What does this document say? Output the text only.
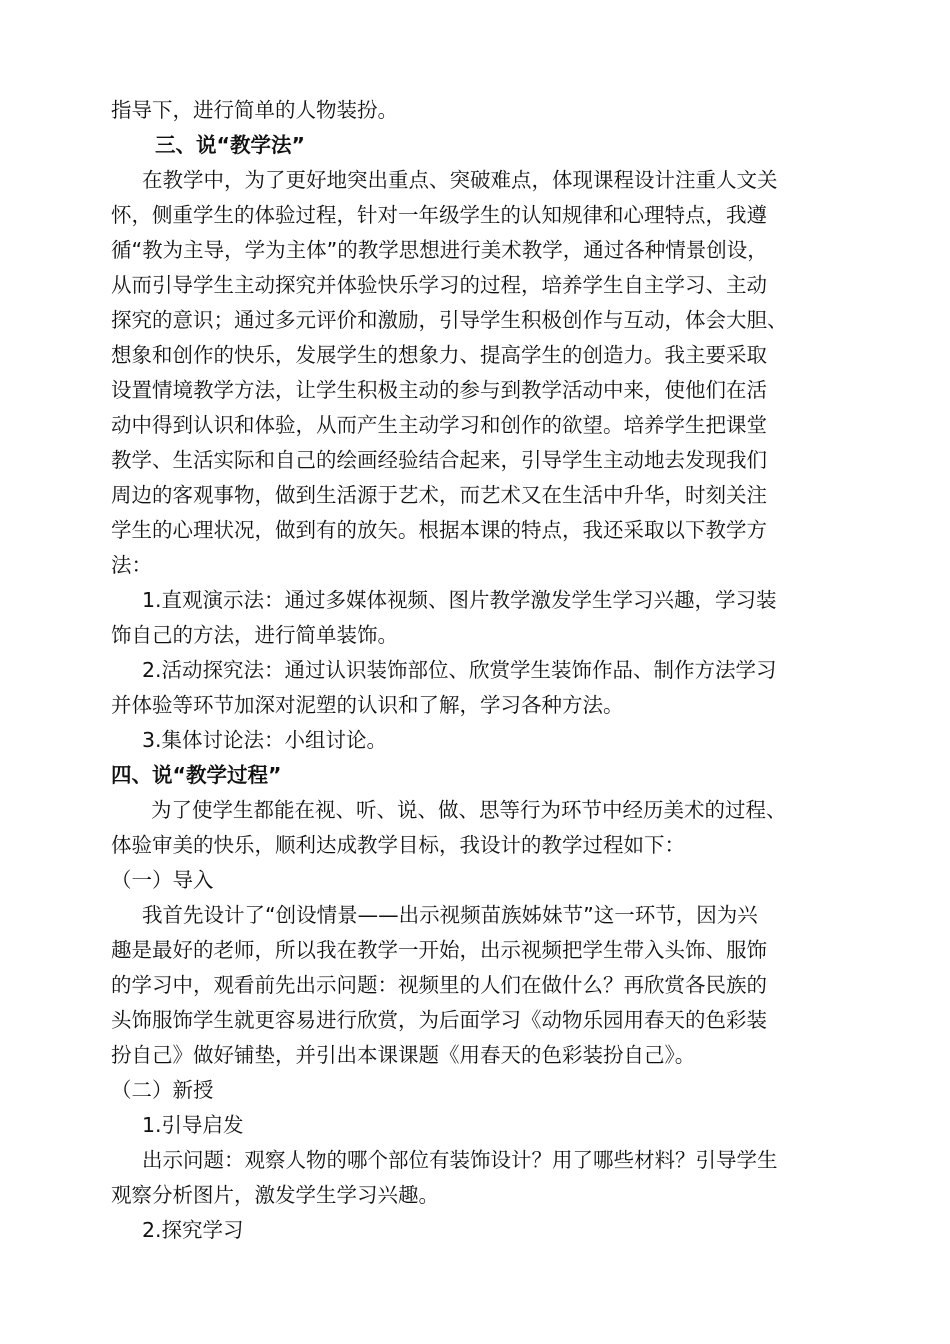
指导下，进行简单的人物装扮。
三、说“教学法”
在教学中，为了更好地突出重点、突破难点，体现课程设计注重人文关
怀，侧重学生的体验过程，针对一年级学生的认知规律和心理特点，我遵
循“教为主导，学为主体”的教学思想进行美术教学，通过各种情景创设，
从而引导学生主动探究并体验快乐学习的过程，培养学生自主学习、主动
探究的意识；通过多元评价和激励，引导学生积极创作与互动，体会大胆、
想象和创作的快乐，发展学生的想象力、提高学生的创造力。我主要采取
设置情境教学方法，让学生积极主动的参与到教学活动中来，使他们在活
动中得到认识和体验，从而产生主动学习和创作的欲望。培养学生把课堂
教学、生活实际和自己的绘画经验结合起来，引导学生主动地去发现我们
周边的客观事物，做到生活源于艺术，而艺术又在生活中升华，时刻关注
学生的心理状况，做到有的放矢。根据本课的特点，我还采取以下教学方
法：
1.直观演示法：通过多媒体视频、图片教学激发学生学习兴趣，学习装
饰自己的方法，进行简单装饰。
2.活动探究法：通过认识装饰部位、欣赏学生装饰作品、制作方法学习
并体验等环节加深对泥塑的认识和了解，学习各种方法。
3.集体讨论法：小组讨论。
四、说“教学过程”
为了使学生都能在视、听、说、做、思等行为环节中经历美术的过程、
体验审美的快乐，顺利达成教学目标，我设计的教学过程如下：
（一）导入
我首先设计了“创设情景——出示视频苗族姊妹节”这一环节，因为兴
趣是最好的老师，所以我在教学一开始，出示视频把学生带入头饰、服饰
的学习中，观看前先出示问题：视频里的人们在做什么？再欣赏各民族的
头饰服饰学生就更容易进行欣赏，为后面学习《动物乐园用春天的色彩装
扮自己》做好铺垫，并引出本课课题《用春天的色彩装扮自己》。
（二）新授
1.引导启发
出示问题：观察人物的哪个部位有装饰设计？用了哪些材料？引导学生
观察分析图片，激发学生学习兴趣。
2.探究学习
